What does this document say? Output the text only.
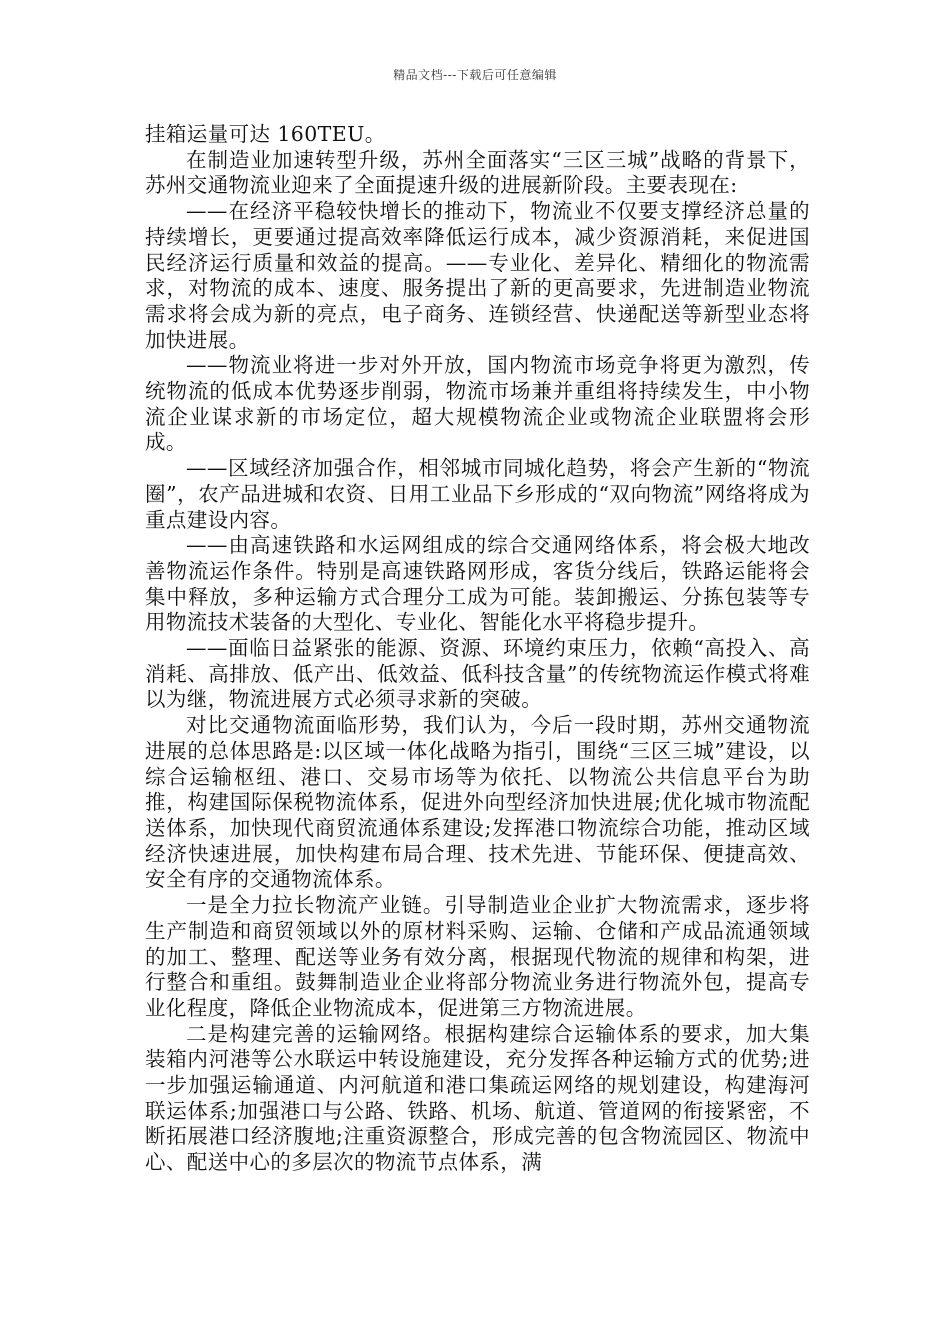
精品文档---下载后可任意编辑

挂箱运量可达 160TEU。

在制造业加速转型升级，苏州全面落实“三区三城”战略的背景下，苏州交通物流业迎来了全面提速升级的进展新阶段。主要表现在:

——在经济平稳较快增长的推动下，物流业不仅要支撑经济总量的持续增长，更要通过提高效率降低运行成本，减少资源消耗，来促进国民经济运行质量和效益的提高。——专业化、差异化、精细化的物流需求，对物流的成本、速度、服务提出了新的更高要求，先进制造业物流需求将会成为新的亮点，电子商务、连锁经营、快递配送等新型业态将加快进展。

——物流业将进一步对外开放，国内物流市场竞争将更为激烈，传统物流的低成本优势逐步削弱，物流市场兼并重组将持续发生，中小物流企业谋求新的市场定位，超大规模物流企业或物流企业联盟将会形成。

——区域经济加强合作，相邻城市同城化趋势，将会产生新的“物流圈”，农产品进城和农资、日用工业品下乡形成的“双向物流”网络将成为重点建设内容。

——由高速铁路和水运网组成的综合交通网络体系，将会极大地改善物流运作条件。特别是高速铁路网形成，客货分线后，铁路运能将会集中释放，多种运输方式合理分工成为可能。装卸搬运、分拣包装等专用物流技术装备的大型化、专业化、智能化水平将稳步提升。

——面临日益紧张的能源、资源、环境约束压力，依赖“高投入、高消耗、高排放、低产出、低效益、低科技含量”的传统物流运作模式将难以为继，物流进展方式必须寻求新的突破。

对比交通物流面临形势，我们认为，今后一段时期，苏州交通物流进展的总体思路是:以区域一体化战略为指引，围绕“三区三城”建设，以综合运输枢纽、港口、交易市场等为依托、以物流公共信息平台为助推，构建国际保税物流体系，促进外向型经济加快进展;优化城市物流配送体系，加快现代商贸流通体系建设;发挥港口物流综合功能，推动区域经济快速进展，加快构建布局合理、技术先进、节能环保、便捷高效、安全有序的交通物流体系。

一是全力拉长物流产业链。引导制造业企业扩大物流需求，逐步将生产制造和商贸领域以外的原材料采购、运输、仓储和产成品流通领域的加工、整理、配送等业务有效分离，根据现代物流的规律和构架，进行整合和重组。鼓舞制造业企业将部分物流业务进行物流外包，提高专业化程度，降低企业物流成本，促进第三方物流进展。

二是构建完善的运输网络。根据构建综合运输体系的要求，加大集装箱内河港等公水联运中转设施建设，充分发挥各种运输方式的优势;进一步加强运输通道、内河航道和港口集疏运网络的规划建设，构建海河联运体系;加强港口与公路、铁路、机场、航道、管道网的衔接紧密，不断拓展港口经济腹地;注重资源整合，形成完善的包含物流园区、物流中心、配送中心的多层次的物流节点体系，满
